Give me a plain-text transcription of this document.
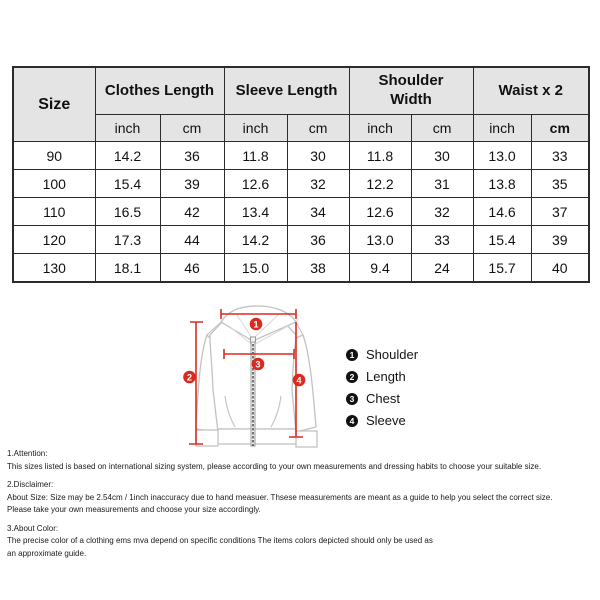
Size	Clothes Length		Sleeve Length		Shoulder Width		Waist x 2	

	inch	cm	inch	cm	inch	cm	inch	cm
90	14.2	36	11.8	30	11.8	30	13.0	33
100	15.4	39	12.6	32	12.2	31	13.8	35
110	16.5	42	13.4	34	12.6	32	14.6	37
120	17.3	44	14.2	36	13.0	33	15.4	39
130	18.1	46	15.0	38	9.4	24	15.7	40
1
2
3
4
1 Shoulder
2 Length
3 Chest
4 Sleeve
1.Attention:
This sizes listed is based on international sizing system, please according to your own measurements and dressing habits to choose your suitable size.
2.Disclaimer:
About Size: Size may be 2.54cm / 1inch inaccuracy due to hand measuer. Thsese measurements are meant as a guide to help you select the correct size.
Please take your own measurements and choose your size accordingly.
3.About Color:
The precise color of a clothing ems mva depend on specific conditions The items colors depicted should only be used as
an approximate guide.
